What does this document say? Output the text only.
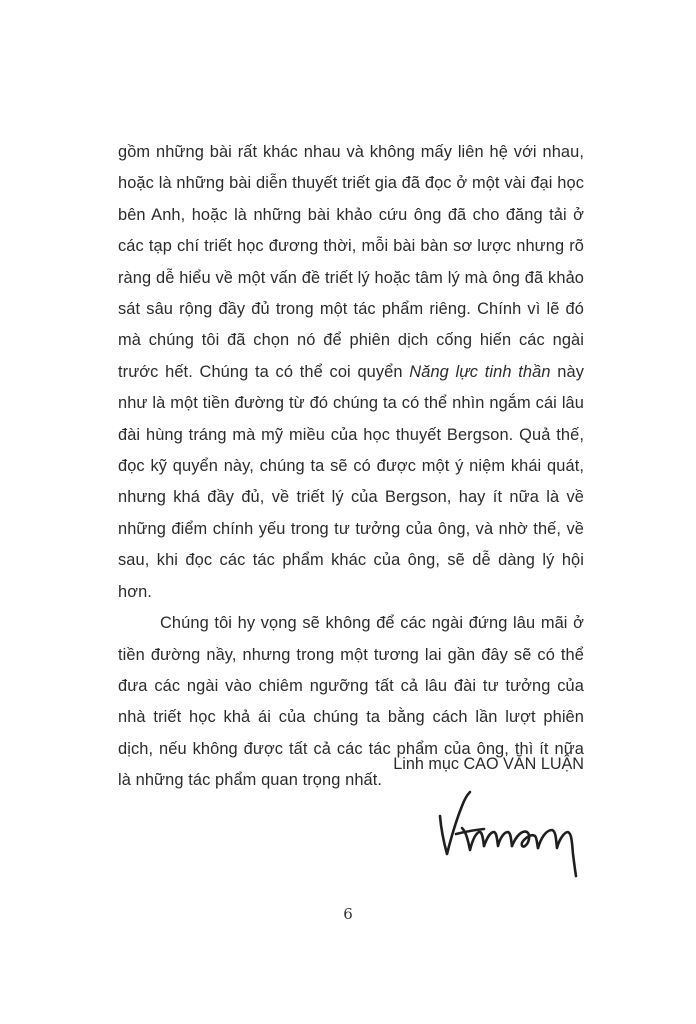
gồm những bài rất khác nhau và không mấy liên hệ với nhau, hoặc là những bài diễn thuyết triết gia đã đọc ở một vài đại học bên Anh, hoặc là những bài khảo cứu ông đã cho đăng tải ở các tạp chí triết học đương thời, mỗi bài bàn sơ lược nhưng rõ ràng dễ hiểu về một vấn đề triết lý hoặc tâm lý mà ông đã khảo sát sâu rộng đầy đủ trong một tác phẩm riêng. Chính vì lẽ đó mà chúng tôi đã chọn nó để phiên dịch cống hiến các ngài trước hết. Chúng ta có thể coi quyển Năng lực tinh thần này như là một tiền đường từ đó chúng ta có thể nhìn ngắm cái lâu đài hùng tráng mà mỹ miều của học thuyết Bergson. Quả thế, đọc kỹ quyển này, chúng ta sẽ có được một ý niệm khái quát, nhưng khá đầy đủ, về triết lý của Bergson, hay ít nữa là về những điểm chính yếu trong tư tưởng của ông, và nhờ thế, về sau, khi đọc các tác phẩm khác của ông, sẽ dễ dàng lý hội hơn.

Chúng tôi hy vọng sẽ không để các ngài đứng lâu mãi ở tiền đường nầy, nhưng trong một tương lai gần đây sẽ có thể đưa các ngài vào chiêm ngưỡng tất cả lâu đài tư tưởng của nhà triết học khả ái của chúng ta bằng cách lần lượt phiên dịch, nếu không được tất cả các tác phẩm của ông, thì ít nữa là những tác phẩm quan trọng nhất.

Linh mục CAO VĂN LUẬN
6
